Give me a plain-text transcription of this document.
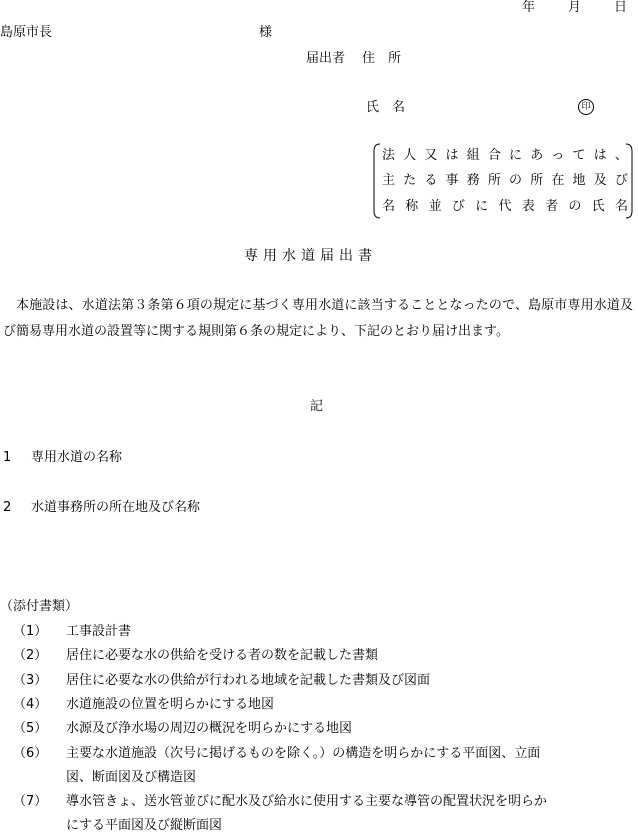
年	月	日
島原市長	様
届出者 住　所
氏　名	印
法 人 又 は 組 合 に あ っ て は 、
主 た る 事 務 所 の 所 在 地 及 び
名 称 並 び に 代 表 者 の 氏 名
専用水道届出書
本施設は、水道法第３条第６項の規定に基づく専用水道に該当することとなったので、島原市専用水道及び簡易専用水道の設置等に関する規則第６条の規定により、下記のとおり届け出ます。
記
1 専用水道の名称
2 水道事務所の所在地及び名称
（添付書類）
（1） 工事設計書
（2） 居住に必要な水の供給を受ける者の数を記載した書類
（3） 居住に必要な水の供給が行われる地域を記載した書類及び図面
（4） 水道施設の位置を明らかにする地図
（5） 水源及び浄水場の周辺の概況を明らかにする地図
（6） 主要な水道施設（次号に掲げるものを除く。）の構造を明らかにする平面図、立面
図、断面図及び構造図
（7） 導水管きょ、送水管並びに配水及び給水に使用する主要な導管の配置状況を明らか
にする平面図及び縦断面図
